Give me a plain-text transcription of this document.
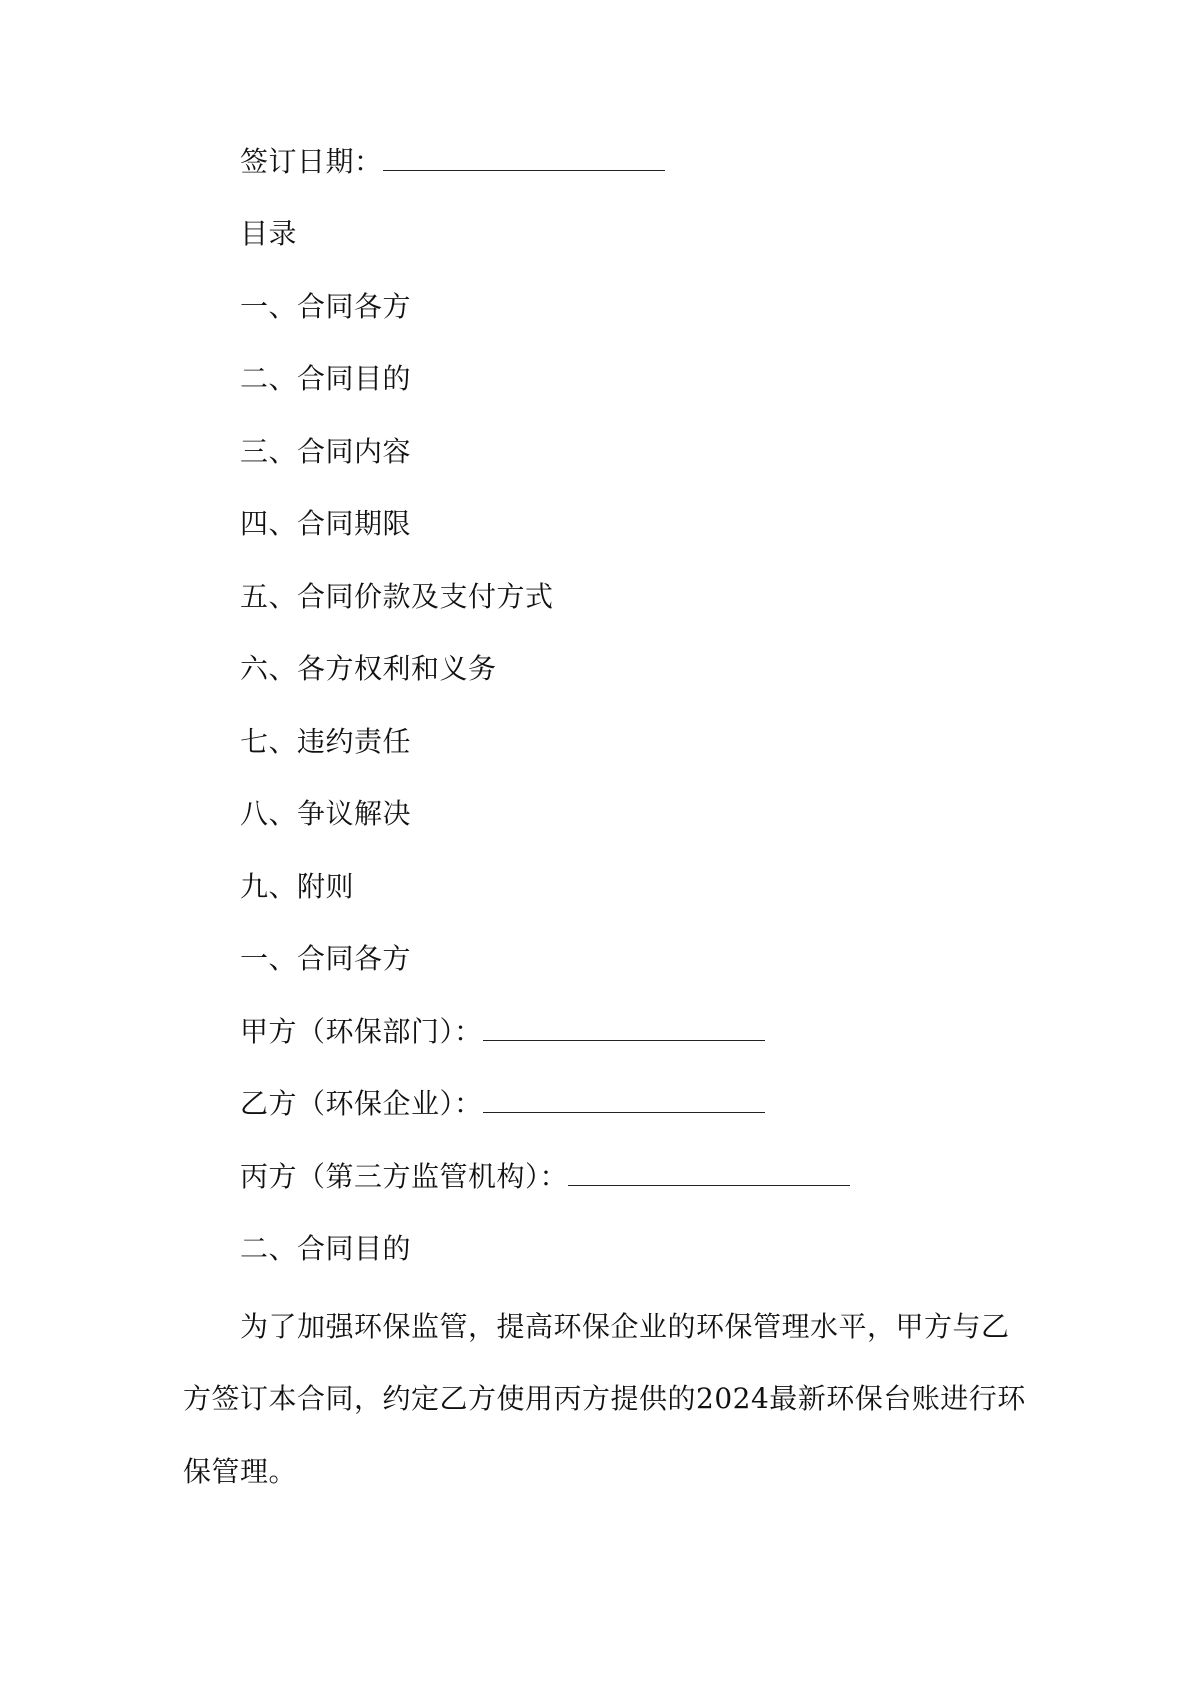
签订日期：
目录
一、合同各方
二、合同目的
三、合同内容
四、合同期限
五、合同价款及支付方式
六、各方权利和义务
七、违约责任
八、争议解决
九、附则
一、合同各方
甲方（环保部门）：
乙方（环保企业）：
丙方（第三方监管机构）：
二、合同目的
为了加强环保监管，提高环保企业的环保管理水平，甲方与乙
方签订本合同，约定乙方使用丙方提供的2024最新环保台账进行环
保管理。
